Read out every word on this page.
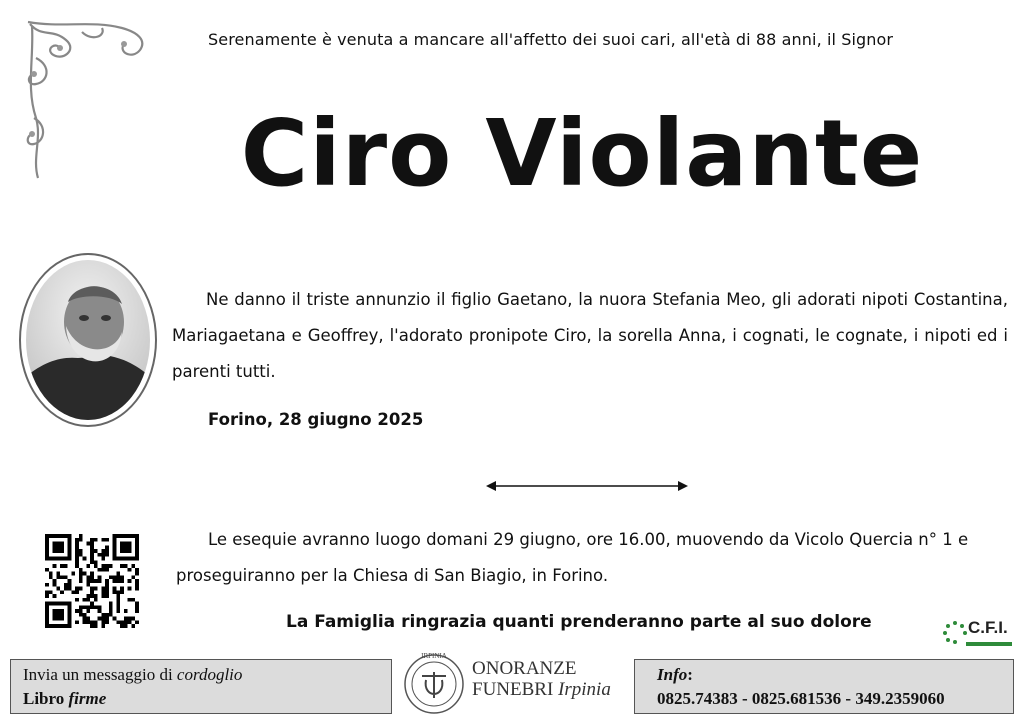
Serenamente è venuta a mancare all'affetto dei suoi cari, all'età di 88 anni, il Signor
Ciro Violante
Ne danno il triste annunzio il figlio Gaetano, la nuora Stefania Meo, gli adorati nipoti Costantina, Mariagaetana e Geoffrey, l'adorato pronipote Ciro, la sorella Anna, i cognati, le cognate, i nipoti ed i parenti tutti.
Forino, 28 giugno 2025
Le esequie avranno luogo domani 29 giugno, ore 16.00, muovendo da Vicolo Quercia n° 1 e proseguiranno per la Chiesa di San Biagio, in Forino.
La Famiglia ringrazia quanti prenderanno parte al suo dolore	C.F.I.
Invia un messaggio di cordoglio
Libro firme
IRPINIA
ONORANZE
FUNEBRI Irpinia
Info:
0825.74383 - 0825.681536 - 349.2359060
